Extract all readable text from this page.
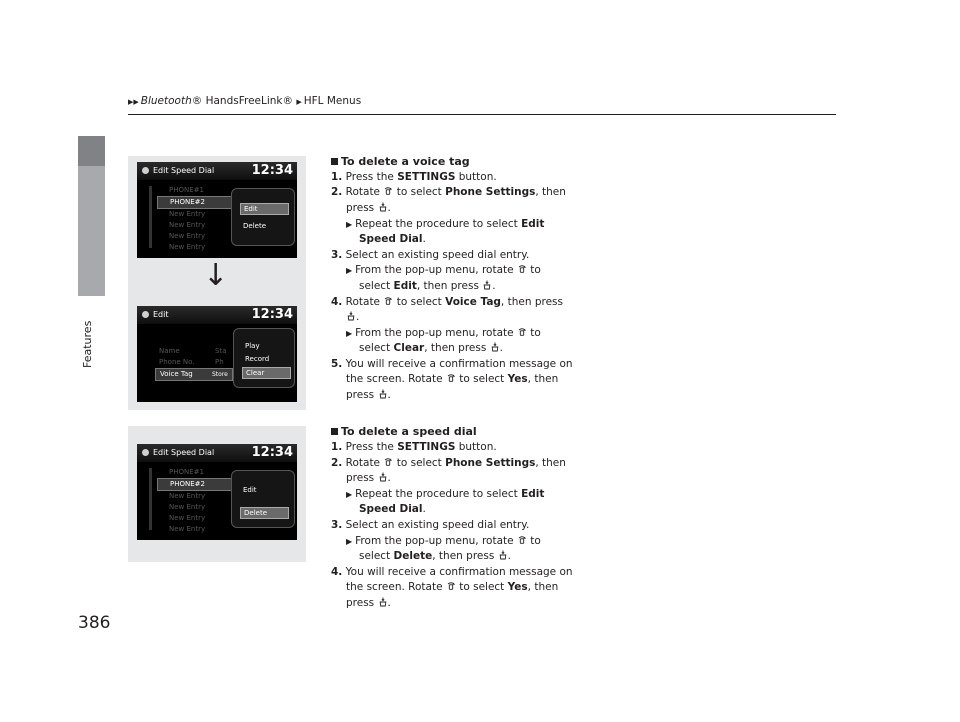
Features
▶▶ Bluetooth® HandsFreeLink® ▶ HFL Menus
Edit Speed Dial	12:34
PHONE#1
PHONE#2
New Entry
New Entry
New Entry
New Entry
Edit
Delete
↓
Edit	12:34
Name	Sta
Phone No.	Ph
Voice Tag	Store
Play
Record
Clear
Edit Speed Dial	12:34
PHONE#1
PHONE#2
New Entry
New Entry
New Entry
New Entry
Edit
Delete
To delete a voice tag
1. Press the SETTINGS button.
2. Rotate to select Phone Settings, then
press .
▶ Repeat the procedure to select Edit
Speed Dial.
3. Select an existing speed dial entry.
▶ From the pop-up menu, rotate to
select Edit, then press .
4. Rotate to select Voice Tag, then press
.
▶ From the pop-up menu, rotate to
select Clear, then press .
5. You will receive a confirmation message on
the screen. Rotate to select Yes, then
press .
To delete a speed dial
1. Press the SETTINGS button.
2. Rotate to select Phone Settings, then
press .
▶ Repeat the procedure to select Edit
Speed Dial.
3. Select an existing speed dial entry.
▶ From the pop-up menu, rotate to
select Delete, then press .
4. You will receive a confirmation message on
the screen. Rotate to select Yes, then
press .
386
